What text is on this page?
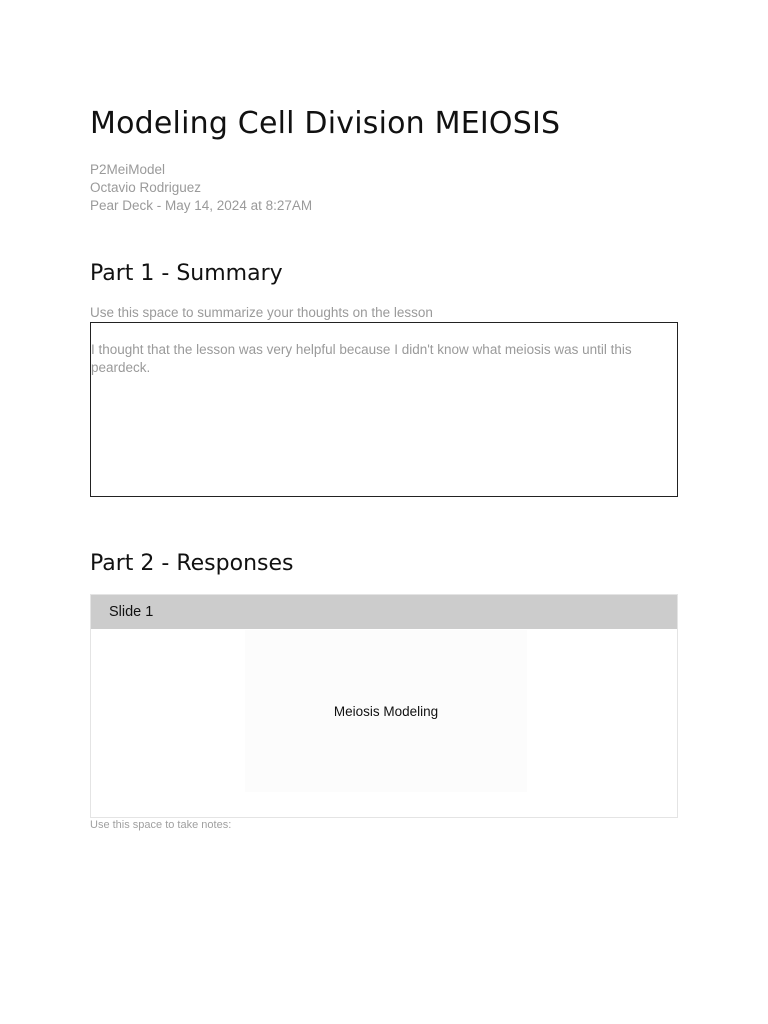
Modeling Cell Division MEIOSIS
P2MeiModel
Octavio Rodriguez
Pear Deck - May 14, 2024 at 8:27AM
Part 1 - Summary
Use this space to summarize your thoughts on the lesson

I thought that the lesson was very helpful because I didn't know what meiosis was until this peardeck.

Part 2 - Responses
Slide 1
Meiosis Modeling
Use this space to take notes:
